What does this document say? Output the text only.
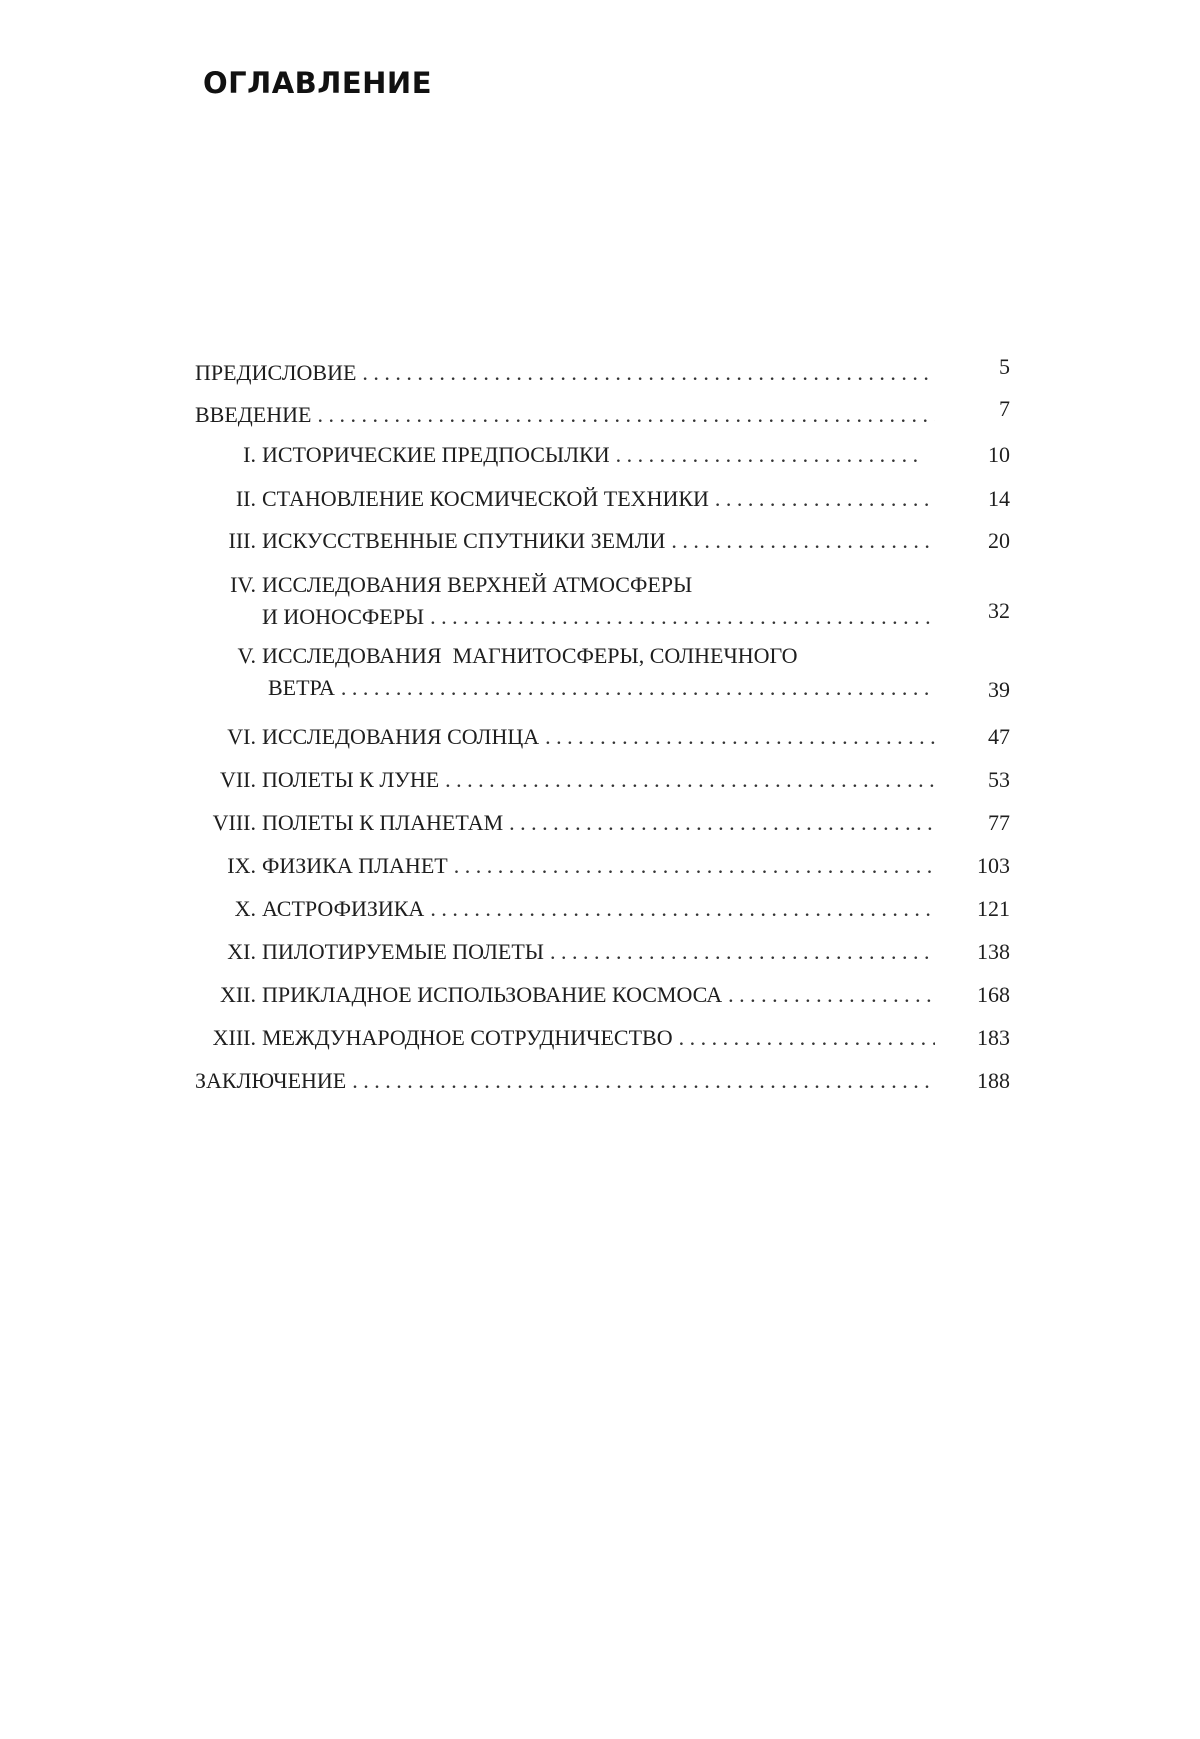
ОГЛАВЛЕНИЕ
ПРЕДИСЛОВИЕ . . .	5
ВВЕДЕНИЕ . . .	7
I. ИСТОРИЧЕСКИЕ ПРЕДПОСЫЛКИ . . .	10
II. СТАНОВЛЕНИЕ КОСМИЧЕСКОЙ ТЕХНИКИ . . .	14
III. ИСКУССТВЕННЫЕ СПУТНИКИ ЗЕМЛИ . . .	20
IV. ИССЛЕДОВАНИЯ ВЕРХНЕЙ АТМОСФЕРЫ
И ИОНОСФЕРЫ . . .	32
V. ИССЛЕДОВАНИЯ  МАГНИТОСФЕРЫ, СОЛНЕЧНОГО
ВЕТРА . . .	39
VI. ИССЛЕДОВАНИЯ СОЛНЦА . . .	47
VII. ПОЛЕТЫ К ЛУНЕ . . .	53
VIII. ПОЛЕТЫ К ПЛАНЕТАМ . . .	77
IX. ФИЗИКА ПЛАНЕТ . . .	103
X. АСТРОФИЗИКА . . .	121
XI. ПИЛОТИРУЕМЫЕ ПОЛЕТЫ . . .	138
XII. ПРИКЛАДНОЕ ИСПОЛЬЗОВАНИЕ КОСМОСА . . .	168
XIII. МЕЖДУНАРОДНОЕ СОТРУДНИЧЕСТВО . . .	183
ЗАКЛЮЧЕНИЕ . . .	188
